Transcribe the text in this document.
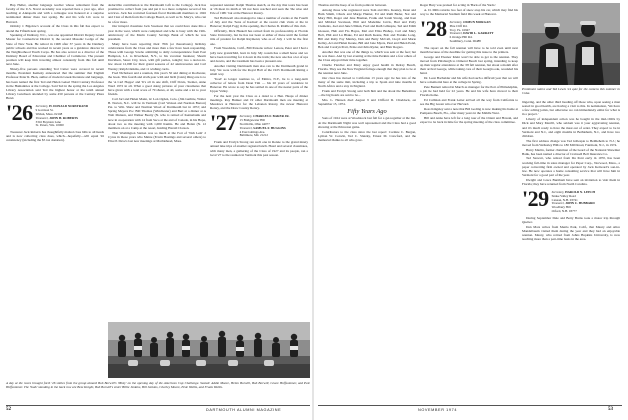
Hap Heller, another language teacher whose retirement from the faculty of the U.S. Naval Academy was reported here a year ago, after teaching at Annapolis and with a colleague was honored at a surprise testimonial dinner there last spring. He and his wife Lib were in Harvard.

Ormsby J. Bigelow's account of the Class in this fall has expect to attend the Fiftieth next spring.

Speaking of Danbury, N.C., was one appointed District Deputy Grand Master for Connecticut District 9, the second Masonic Lodge of the State of New York. He retired in 1968 after 37 years in the Danbury public schools and has worked in recent years as a guidance director in the Neighborhood Youth Corps. He has also served as a director of the Danbury Board of Education and Chamber of Commerce. The present position will keep him traveling almost constantly from this fall until next June.

Ninety-five persons attending Ted Cutter were covered in recent months. President Kemeny announced that the summer that English Professor Peter R. Bien, author of modern Greek literature and language, has been named the first Ted and Helen Geisel Third Century Professor in the Humanities at the College. Said Ted in the spring the Los Angeles Library Association said Ted the highest honor at the tenth annual Library Luncheon attended by some 450 persons at the Century Plaza Hotel.

'26 Secretary, H. DONALD NORSTRAND
9 Garrison St.
Waban, Mass. 02168
Treasurer, JOHN H. ROBERTS
3316 Boynton Lane
St. Peters, Wis. 10000

Treasurer Jack Roberts has thoughtfully mailed class bills to all heads and is now collecting class dues, which—hopefully—will equal '26 consistency (including the $5 tax donation).

deductible contribution to the Dartmouth Gift to the College). Jack has promised to collect from you and put it to a more complete record of his services. Jack has recruited fourteen fiscal Dartmouth members to 1926 and I last of them from the College Board, as well as St. Mary's, who can be a few more.

Our intrepid classmate Jack Swenson that we could have done this a year in the west, which were completed and who is busy with the 19th-anniversary of the Marin County Savings Bank of which he was president.

Many have been reporting their 70th (or thereabouts) birthday celebrations from the Class and more than a few have been responding. Those with George Sawbo admitting to daily correspondence from East Hampton, L.I. to Riverhead, N.Y., to his vacation business; Shorm Davidson, Sioux City, Iowa, with gift parties, tonight; two a doctor-in-law about 12,000 for their grand seasons of 42 anniversaries and Carl Wesley; Ralph Oatkins, and 11 wishing cards.

Fred Nicholson and a reunion, this year's 50 and dining at Rochester, the book. This fourth and sixth-year with and birth (Glen) thing one is to the 'A Carl Hoppe' and 'It's all in one shift, Cliff Davis, Steiner, Anne Ward 1972 in all. What a good doing pictures of your classmates that have given with a total score of 79 shares, at all, some and a lot to your friends.

Carl Jarl and Helen Mann, tic Lon Ogden, Colo. (Jim Guthrie, Walter B. Norton, N.C. will be in Vermont (Carl Watson and Norman Barron) Pat. to Wm. Shaw and Norman Wood of Dartmouth but in 1972; and Spring Meyers Pa.: Bill Thomas (Winchester) and Bert at a dinner at A Walt Manton, and Walker Beatty (N. who is retired of Kennebunk and now in cooperation with 14 from Saco at the end of Canada, in his Hope, about two as the meeting with 1,000 Kumis. He and Helen (N. 12 members on at a Camp at the resort, holding Harald Clarson.

That Washington Station was so much at the Fort of 'Nah Lem' 2 Cyrus in those years who Maine (Erwin Hastings and several others) to Eliot P. Dave's last new meetings at Marblehead, Mass.

requested reunion: Ralph Thomas sketch, as the day that tours has been at '26 meet its ninth at '26 not have reached and seen the 'the wise and Erle of 1981' but at the Hanover Rotary.

Ted Hallowell also managed to take a number of events at the Fourth of July and the 'Sons of Kedron' at the recent club visits at the in Hanover; Ralph Fogg in the opening, the Charles D. Riddle of this club.

Officially, Dick Haskell has retired from its professorship at Florida State University, but he has not been at either of these until the formal title of prudent for Ralph Raymond, who as of July 1 will be the first one.

From Woodside, Calif., Bill Parsons writes: Lenore, Peter and I had a jolly new grandchild, born in July. My cousin has a small horse and we have been travelling for it down in the trails; the new one has a lot of ups and downs, and the treatment has been a pleasant one.

Another visiting Dartmouth man also ran to the Dartmouth grand in July. We were with for the Royal Hall of the 1925 Dartmouth Rating a small way.

'Toad' as longer routines to, of Elmira, N.Y., he is a long-term collector of letters from Dean Tim — his 20 years of residence in Hanover. He wrote to say he has settled in one of the neater parts of the Upper Valley.

For the next year the Class as a dated to a Hen. Heaps of dinner meetings. Roy Bunker and 19 other Dartmouth men are meeting at Meadows at Hanover for the Lebanon Rotary, the newer Hanover Rotary, and the Drew County Rotary.

'27 Secretary, CHARLES F. BAKER JR.
15 Bridgewater Hill
Stormville, Ohio 44077
Treasurer, SAMUEL F. HUGGINS
4 East Gittings Ave.
Baltimore, Md. 21212

Frank and Evelyn Strong ran such one in Ronne to the grand ninety annual lake trips of another regional lunch. Hotel and several classmates, with many men, a gathering of the Class of 1927 and its people, ran a local '27 to the reunion in Vermont this past season.

A day at the races brought forth '26 smiles from the group aboard Bob Borwill's 'Misty' on the opening day of the American Cup Challenge. Seated: Addie Moore, Helen Borwill, Bob Borwill, Grace Hoffsommer, and Pete Hoffsommer. The 'Suds' standing in the back row are Bess Knight, Bob Borwill's sister Billie Jenkins, Bill Jenkins, Charley Moore, Elsie Wallis, and Frank Wallis.
52	DARTMOUTH ALUMNI MAGAZINE

Thomas and the hoop of us from points in between.

Among those who registered were Tom and Mrs. Keeney, Dean and Ham Smith, Chuck and Marge Hunter, Ed and Ruth Bader, Nat and Mary Hill, Roger and Jane Braman, Frank and Sarah Strong, and Ken and Mildred Swanson, Phil and Madeline Jarvis, Bud and Polly Clements, Joel and June Ullman, Fred and Ruth Gillespie, Ted and Edith Gleason, Hub and Flo Hayes, Mel and Eliza Bishop, Carl and Mary Holt, Phil and Lu Blake, Ed and Ruth Keane, Bob and Frankie Long, Bill and Ruby Fay Manley, Dan and Betty McCall, Lloyd and Marie Kelley, Art and Helen Keane, Bill and Jane Myers, Paul and Helen Pond, Ben and Carolyn Pratt, Ernie and Julia Ryder, and Blair Rogers.

Another that was one of the things to, which was sent at the feet; but he was there. And by last evening at the time Perkins and a few others of the Class enjoyed their time together.

Charlie Fletcher and Mary enjoy good health in Delray Beach, Florida. They see the New England foliage enough that they plan to be at the reunion next June.

Our class has moved to California 13 years ago: he has lots of the many of the same mitt, including a trip to Spain and nine months in North Africa and a stay in England.

Frank and Evelyn Strong sent both him and me about the Berkshires—the big hotels are said to be...

Mrs. L. Hansen died August 9 and Clifford D. Chaddock, on September 15, 1974.

Fifty Years Ago

Sons of 1924 were at Woodstock last fall for a get-together at the Inn. At the Dartmouth Night was well represented and the Class had a good showing at the Princeton game.

Contributors to the class since the last report: Corinne C. Bergan, Lyman W. Corwin, Ted C. Slutzky, Ernest M. Crawford, and the memorial thanks to all who gave.

Roger Bury was praised for acting in 'Back of the Yards.'

A. D. Mills returns two feet of snow atop his car, which may find his way to the Memorial Stadium field this week at Hanover.

'28 Secretary, OSMUN MORGAN
Pine Cliff Rd.
Troy, Pa. 16947
Treasurer, DAVID L. GARRATT
6 Orange Hill Rd.
Southbury, Conn. 06488

The report on the fall reunion will have to be told even until next month because of the deadline for getting this issue to the printers.

George and Eleanor Klein won't be able to get to the reunion. They moved from Pittsburgh to Ormond Beach last spring, intending to keep up their regular attendance at the '28 fall reunion, but about a month after their arrival George, while taking care of their Georgia oak, wounded his hand.

Dr. Leon Bachelder and his wife had such a difficult year that we will have a memorial here at the college in Spring.

Pete Bennett retired in March as manager for the Port of Philadelphia, a job he had held for 22 years. He and his wife have moved to their Florida home.

Ed Cullinan and Frank Leiter arrived all the way from California to see the Big Green win over Harvard.

Ross Kingsley sent a note that Bill Goding is now making his home at Pompano Beach, Fla., after many years in the Middle West.

Bill and Anna have left for a long tour of the Orient and Hawaii, and expect to be back in time for the spring meeting of the class committee.

Prominent native and Ted Lewis '24 quiz for the camera this summer in Cuba.

lingering, and the other third heading off those who, upon seeing a man seated in good health, are having a visit to this. In nomination, 'We have a few aching joints, but otherwise we can immediately enlist for what is in a project.'

Liberty of independent action was he bought in the mid-1920s by Dick and Mary Merrill, who seldom was it your aggravating reunion, and it's much ready to have the meat out of order. They expect to be in Vermont and N.J., and eight months in Bethlehem, N.J., and have two children.

The first address change was Ted Gillespie to Bethlehem to N.J.; he moved from Wellesley Hills to 180 Mill Road, Fairmont, N.J., in 1974.

Harry Martin, former chairman of the board of the National Shawmut Bank, has been named a director of Cranwell Bell Insurance Co.

Ted Stewart, who retired from Du Pont early in 1970, has been working full-time in sales manager for Paper Corp., Norwood, Mass., a paper converting firm owned and operated by Jack Kenward's son-in-law. He now operates a home consulting service that will have him in Vermont for a good part of the year.

Dwight and Grace Burnham have sent an invitation to visit them in Florida; they have returned from North Carolina.

'29 Secretary, HAROLD N. LEECH
Snake Valley Road
Canaan, N.H. 03741
Treasurer, JOHN C. HUBBARD
Woodbury Hill
Orford, N.H. 03777

During September Dale and Betty Burns took a motor trip through Quebec.

Dan Mars writes from Menlo Park, Calif., that Maury and Alice Mandelbaum visited them during the year and they had an enjoyable reunion. Maury, who retired from Johns Hopkins University, is now teaching more than a part-time basis in the area.

NOVEMBER 1974	53
